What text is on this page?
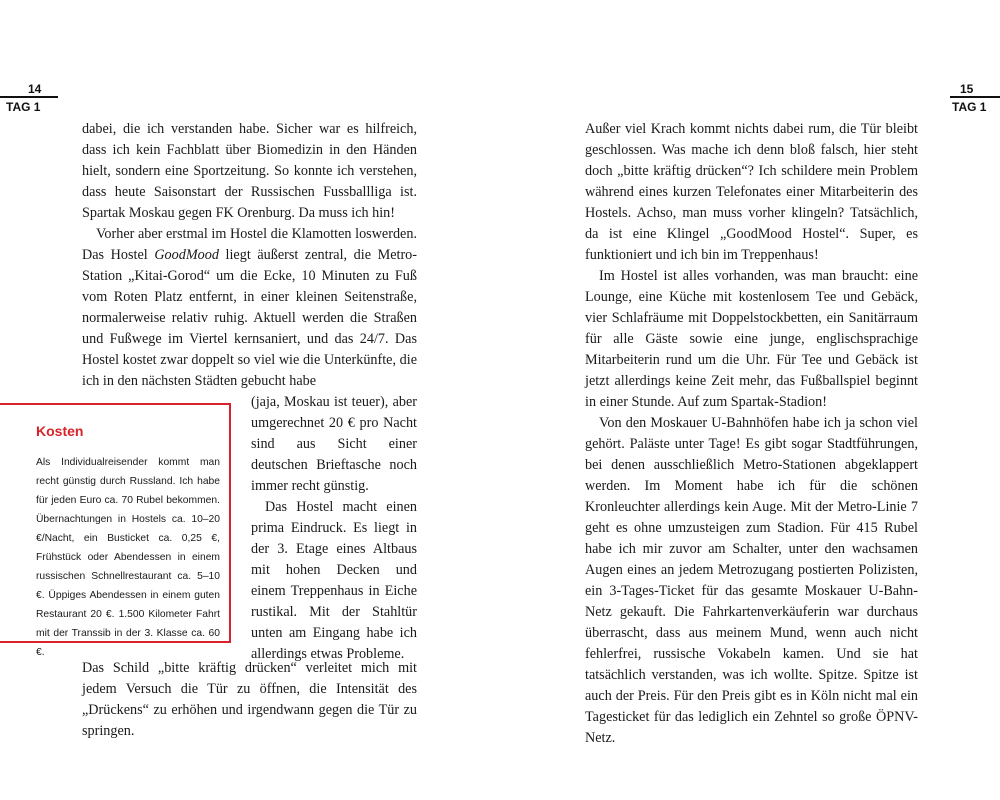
14
TAG 1

dabei, die ich verstanden habe. Sicher war es hilfreich, dass ich kein Fachblatt über Biomedizin in den Händen hielt, sondern eine Sportzeitung. So konnte ich verstehen, dass heute Saisonstart der Russischen Fussballliga ist. Spartak Moskau gegen FK Orenburg. Da muss ich hin!

Vorher aber erstmal im Hostel die Klamotten loswerden. Das Hostel GoodMood liegt äußerst zentral, die Metro-Station „Kitai-Gorod“ um die Ecke, 10 Minuten zu Fuß vom Roten Platz entfernt, in einer kleinen Seitenstraße, normalerweise relativ ruhig. Aktuell werden die Straßen und Fußwege im Viertel kernsaniert, und das 24/7. Das Hostel kostet zwar doppelt so viel wie die Unterkünfte, die ich in den nächsten Städten gebucht habe

(jaja, Moskau ist teuer), aber umgerechnet 20 € pro Nacht sind aus Sicht einer deutschen Brieftasche noch immer recht günstig.

Das Hostel macht einen prima Eindruck. Es liegt in der 3. Etage eines Altbaus mit hohen Decken und einem Treppenhaus in Eiche rustikal. Mit der Stahltür unten am Eingang habe ich allerdings etwas Probleme.

Das Schild „bitte kräftig drücken“ verleitet mich mit jedem Versuch die Tür zu öffnen, die Intensität des „Drückens“ zu erhöhen und irgendwann gegen die Tür zu springen.

Kosten
Als Individualreisender kommt man recht günstig durch Russland. Ich habe für jeden Euro ca. 70 Rubel bekommen. Übernachtungen in Hostels ca. 10–20 €/Nacht, ein Busticket ca. 0,25 €, Frühstück oder Abendessen in einem russischen Schnellrestaurant ca. 5–10 €. Üppiges Abendessen in einem guten Restaurant 20 €. 1.500 Kilometer Fahrt mit der Transsib in der 3. Klasse ca. 60 €.
15
TAG 1

Außer viel Krach kommt nichts dabei rum, die Tür bleibt geschlossen. Was mache ich denn bloß falsch, hier steht doch „bitte kräftig drücken“? Ich schildere mein Problem während eines kurzen Telefonates einer Mitarbeiterin des Hostels. Achso, man muss vorher klingeln? Tatsächlich, da ist eine Klingel „GoodMood Hostel“. Super, es funktioniert und ich bin im Treppenhaus!

Im Hostel ist alles vorhanden, was man braucht: eine Lounge, eine Küche mit kostenlosem Tee und Gebäck, vier Schlafräume mit Doppelstockbetten, ein Sanitärraum für alle Gäste sowie eine junge, englischsprachige Mitarbeiterin rund um die Uhr. Für Tee und Gebäck ist jetzt allerdings keine Zeit mehr, das Fußballspiel beginnt in einer Stunde. Auf zum Spartak-Stadion!

Von den Moskauer U-Bahnhöfen habe ich ja schon viel gehört. Paläste unter Tage! Es gibt sogar Stadtführungen, bei denen ausschließlich Metro-Stationen abgeklappert werden. Im Moment habe ich für die schönen Kronleuchter allerdings kein Auge. Mit der Metro-Linie 7 geht es ohne umzusteigen zum Stadion. Für 415 Rubel habe ich mir zuvor am Schalter, unter den wachsamen Augen eines an jedem Metrozugang postierten Polizisten, ein 3-Tages-Ticket für das gesamte Moskauer U-Bahn-Netz gekauft. Die Fahrkartenverkäuferin war durchaus überrascht, dass aus meinem Mund, wenn auch nicht fehlerfrei, russische Vokabeln kamen. Und sie hat tatsächlich verstanden, was ich wollte. Spitze. Spitze ist auch der Preis. Für den Preis gibt es in Köln nicht mal ein Tagesticket für das lediglich ein Zehntel so große ÖPNV-Netz.
